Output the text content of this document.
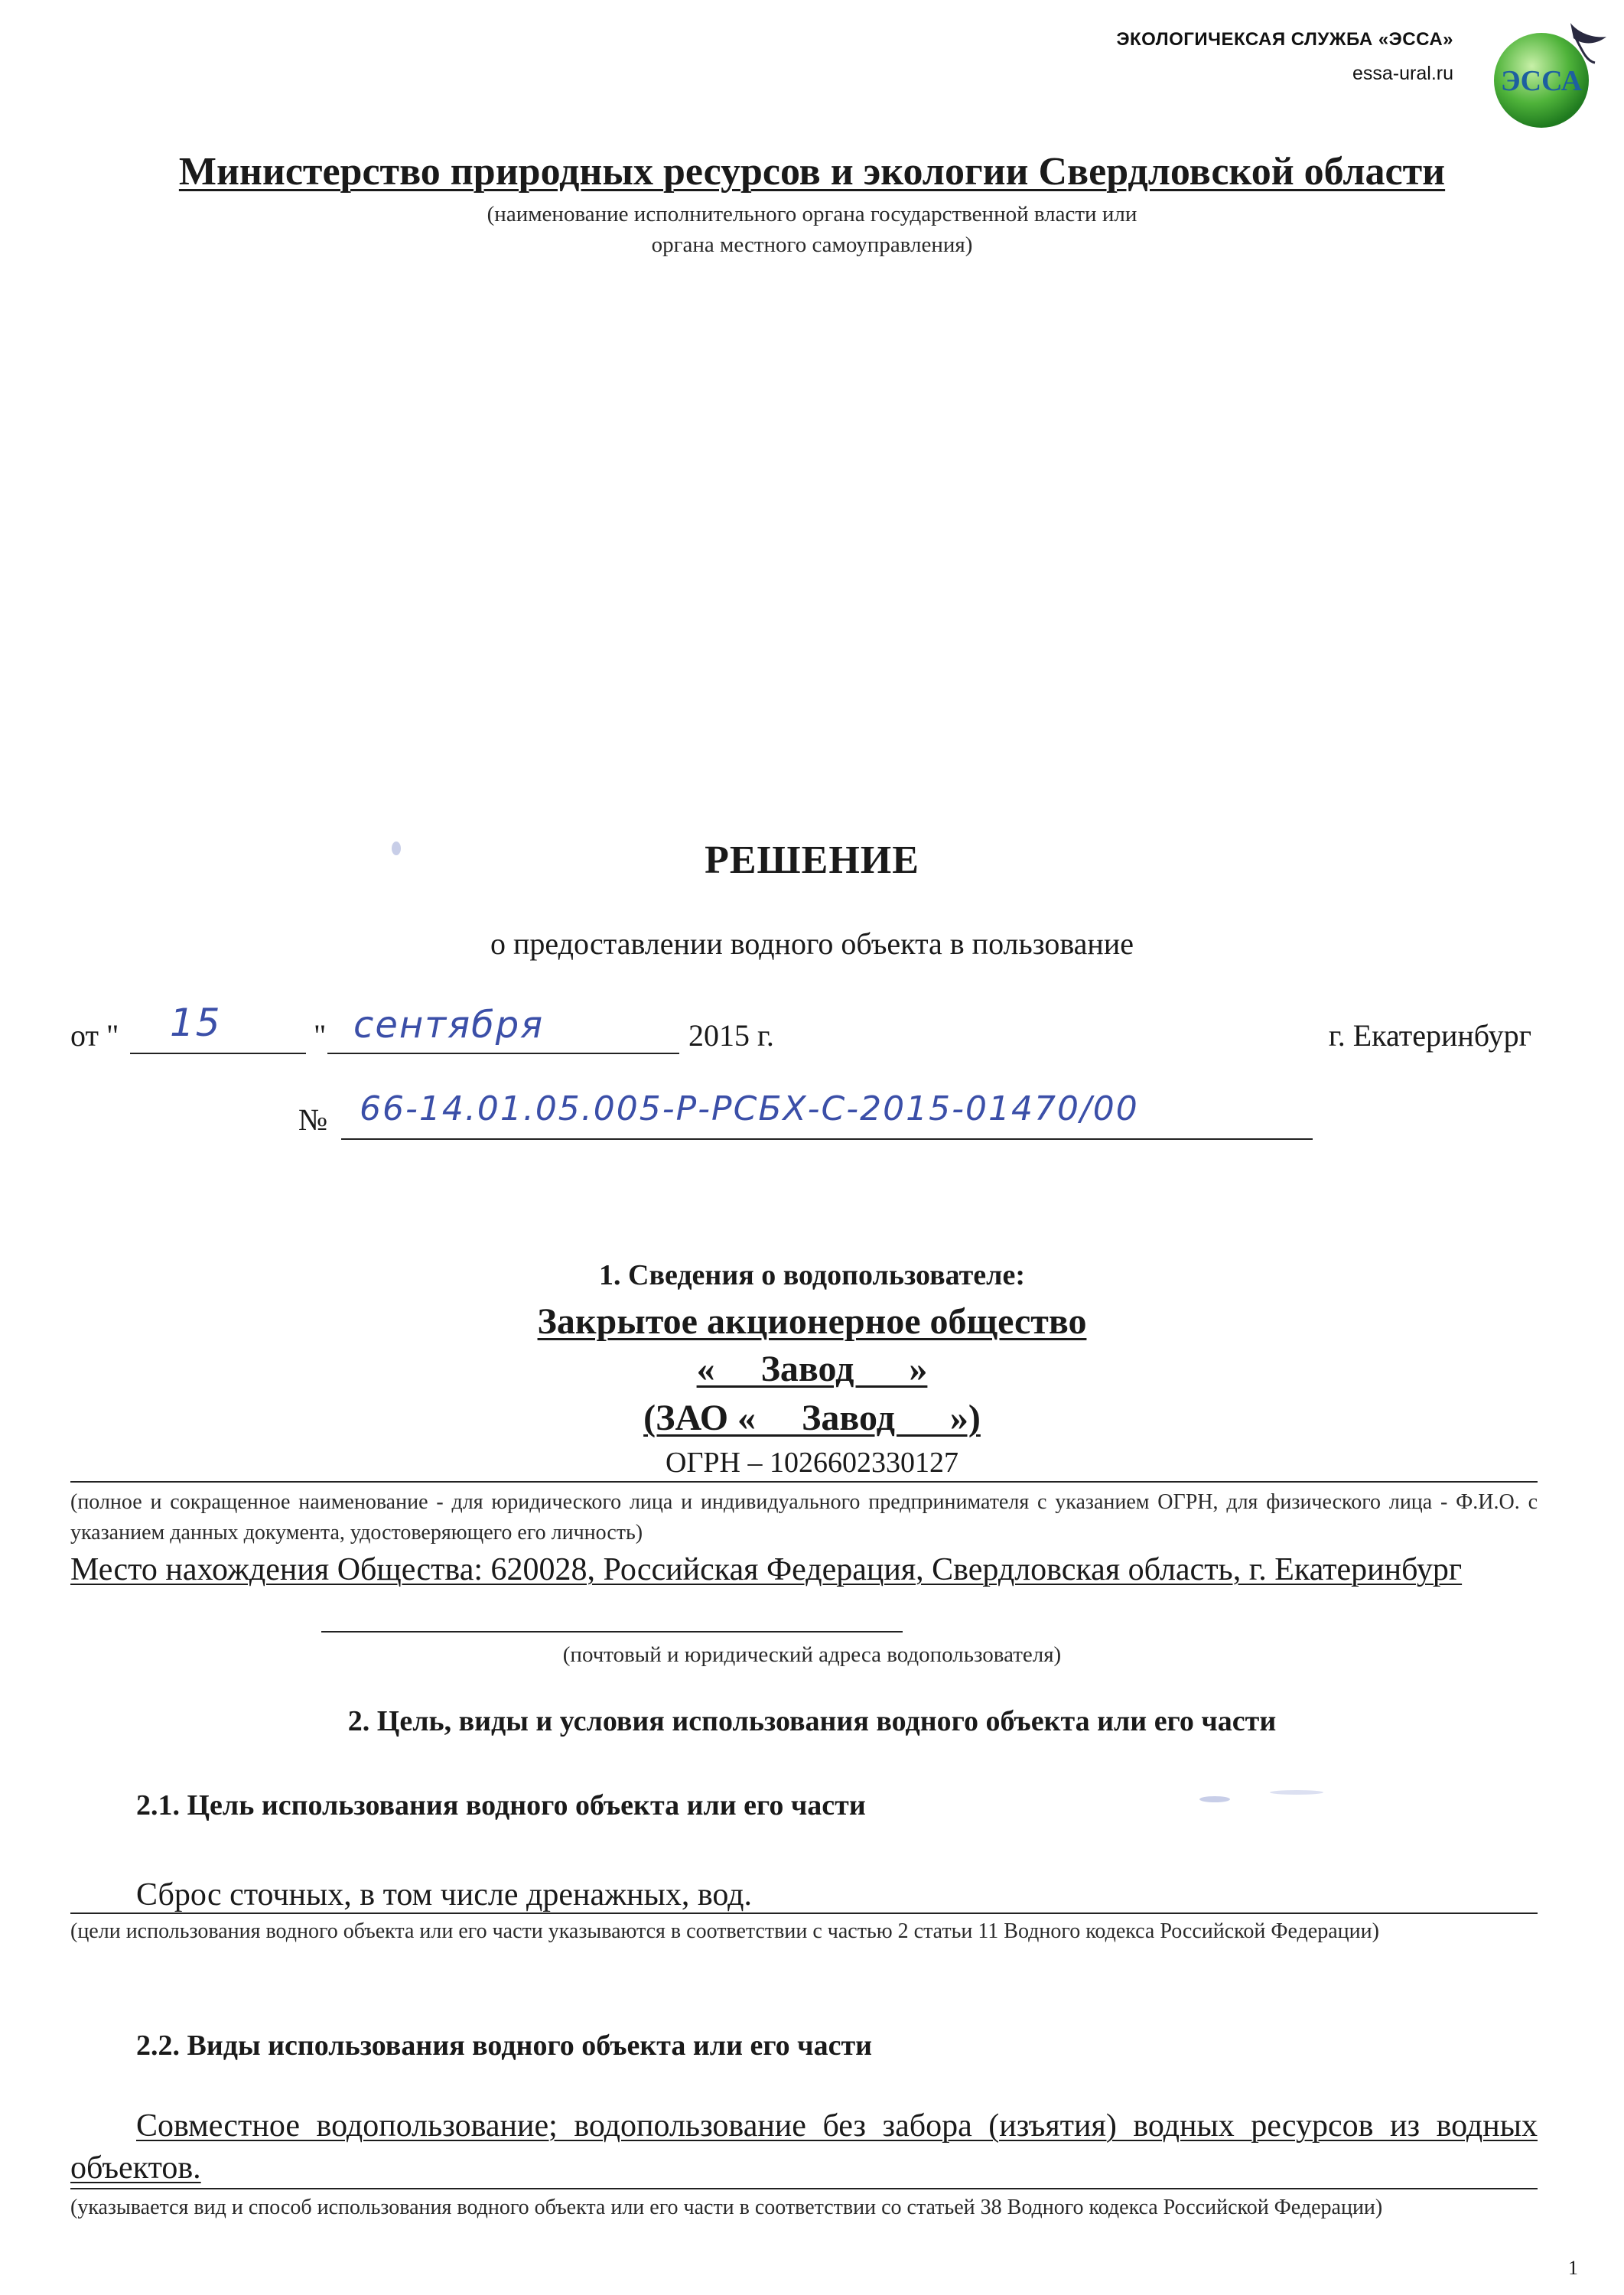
ЭКОЛОГИЧЕКСАЯ СЛУЖБА «ЭССА»
essa-ural.ru ЭССА
Министерство природных ресурсов и экологии Свердловской области
(наименование исполнительного органа государственной власти или
органа местного самоуправления)
РЕШЕНИЕ
о предоставлении водного объекта в пользование
от " 15	" сентября	2015 г.	г. Екатеринбург
№ 66-14.01.05.005-Р-РСБХ-С-2015-01470/00
1. Сведения о водопользователе:
Закрытое акционерное общество
«     Завод      »
(ЗАО «     Завод      »)
ОГРН – 1026602330127
(полное и сокращенное наименование - для юридического лица и индивидуального предпринимателя с указанием ОГРН, для физического лица - Ф.И.О. с указанием данных документа, удостоверяющего его личность)
Место нахождения Общества: 620028, Российская Федерация, Свердловская область, г. Екатеринбург
(почтовый и юридический адреса водопользователя)
2. Цель, виды и условия использования водного объекта или его части
2.1. Цель использования водного объекта или его части
Сброс сточных, в том числе дренажных, вод.
(цели использования водного объекта или его части указываются в соответствии с частью 2 статьи 11 Водного кодекса Российской Федерации)
2.2. Виды использования водного объекта или его части
Совместное водопользование; водопользование без забора (изъятия) водных ресурсов из водных объектов.
(указывается вид и способ использования водного объекта или его части в соответствии со статьей 38 Водного кодекса Российской Федерации)
1
